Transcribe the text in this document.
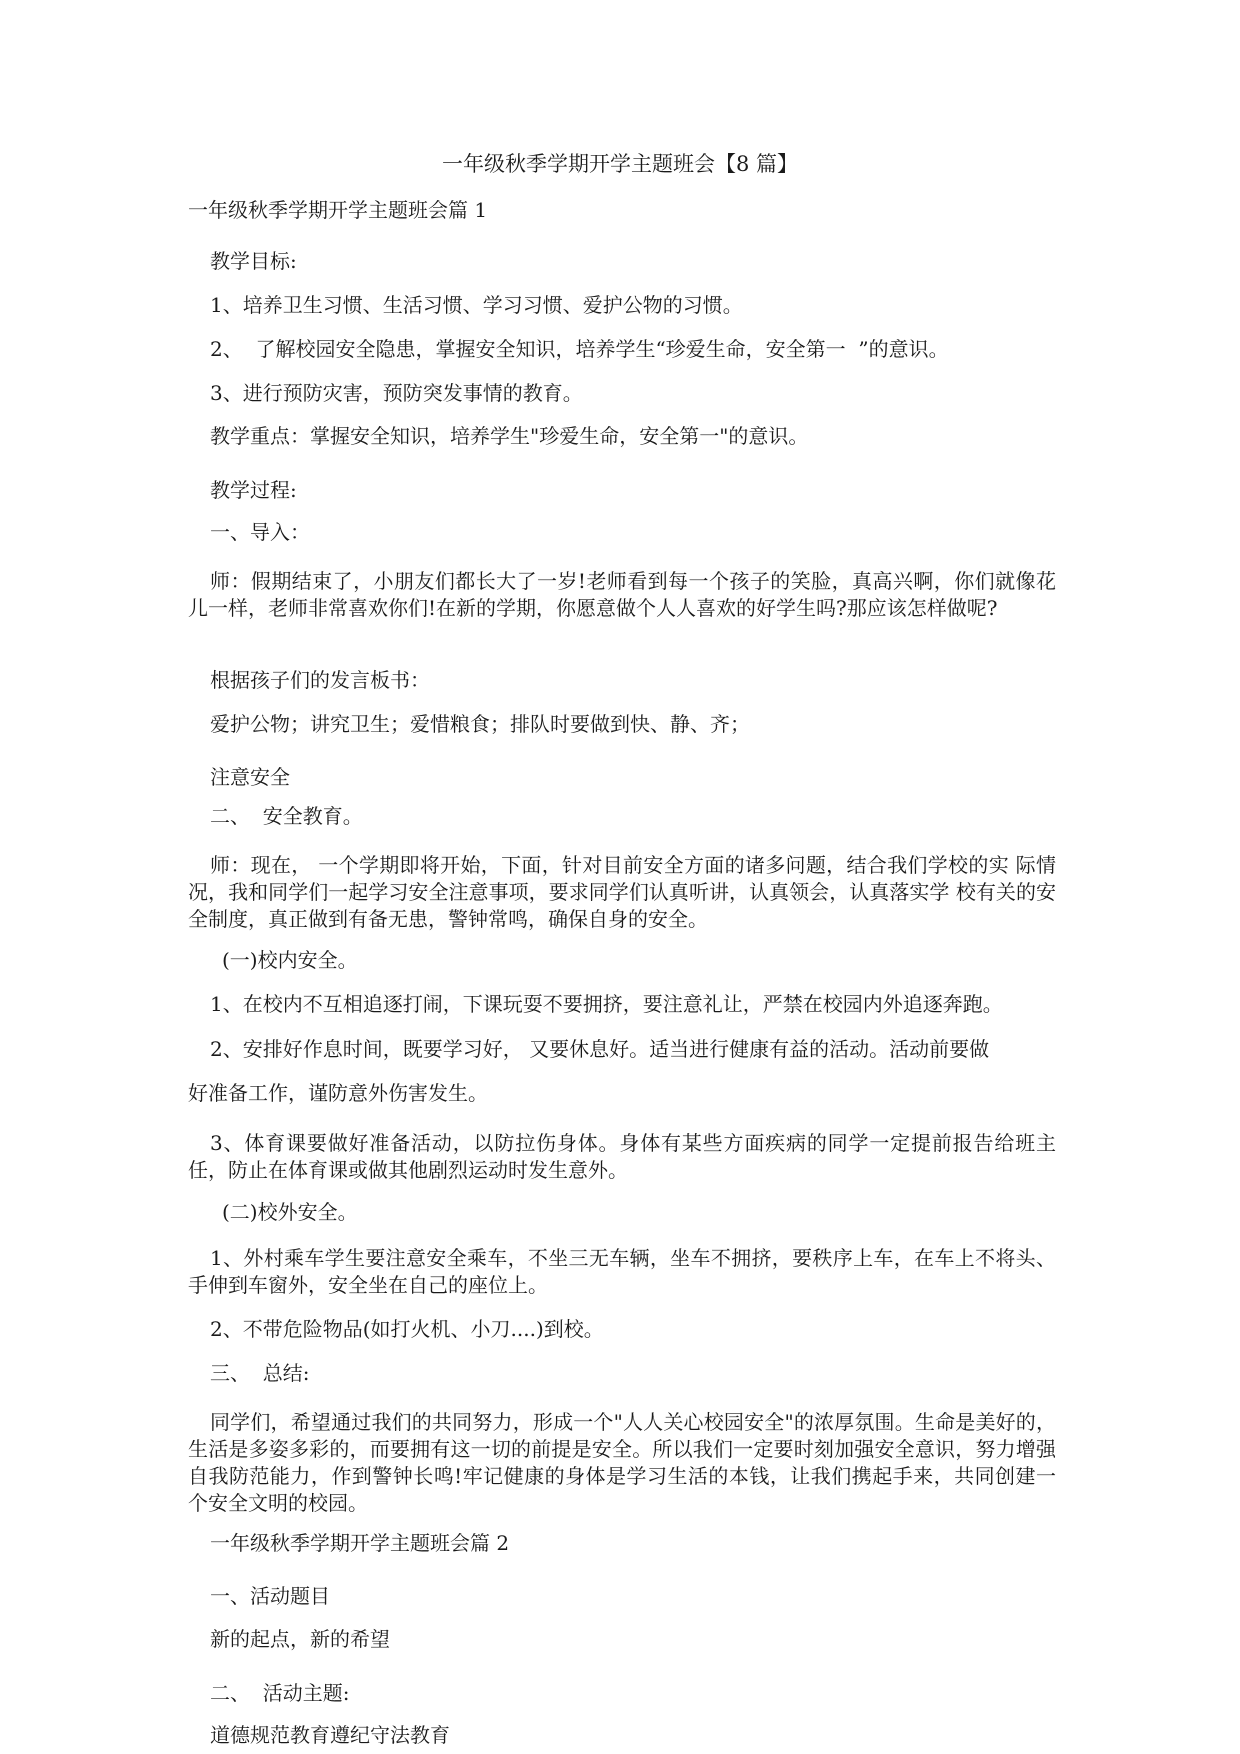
一年级秋季学期开学主题班会【8 篇】
一年级秋季学期开学主题班会篇 1
教学目标:
1、培养卫生习惯、生活习惯、学习习惯、爱护公物的习惯。
2、  了解校园安全隐患，掌握安全知识，培养学生“珍爱生命，安全第一  ”的意识。
3、进行预防灾害，预防突发事情的教育。
教学重点：掌握安全知识，培养学生"珍爱生命，安全第一"的意识。
教学过程:
一、导入：
师：假期结束了，小朋友们都长大了一岁!老师看到每一个孩子的笑脸，真高兴啊，你们就像花儿一样，老师非常喜欢你们!在新的学期，你愿意做个人人喜欢的好学生吗?那应该怎样做呢?
根据孩子们的发言板书：
爱护公物；讲究卫生；爱惜粮食；排队时要做到快、静、齐；
注意安全
二、  安全教育。
师：现在， 一个学期即将开始，下面，针对目前安全方面的诸多问题，结合我们学校的实 际情况，我和同学们一起学习安全注意事项，要求同学们认真听讲，认真领会，认真落实学 校有关的安全制度，真正做到有备无患，警钟常鸣，确保自身的安全。
(一)校内安全。
1、在校内不互相追逐打闹，下课玩耍不要拥挤，要注意礼让，严禁在校园内外追逐奔跑。
2、安排好作息时间，既要学习好， 又要休息好。适当进行健康有益的活动。活动前要做
好准备工作，谨防意外伤害发生。
3、体育课要做好准备活动，以防拉伤身体。身体有某些方面疾病的同学一定提前报告给班主任，防止在体育课或做其他剧烈运动时发生意外。
(二)校外安全。
1、外村乘车学生要注意安全乘车，不坐三无车辆，坐车不拥挤，要秩序上车，在车上不将头、手伸到车窗外，安全坐在自己的座位上。
2、不带危险物品(如打火机、小刀....)到校。
三、  总结:
同学们，希望通过我们的共同努力，形成一个"人人关心校园安全"的浓厚氛围。生命是美好的，生活是多姿多彩的，而要拥有这一切的前提是安全。所以我们一定要时刻加强安全意识，努力增强自我防范能力，作到警钟长鸣!牢记健康的身体是学习生活的本钱，让我们携起手来，共同创建一个安全文明的校园。
一年级秋季学期开学主题班会篇 2
一、活动题目
新的起点，新的希望
二、  活动主题:
道德规范教育遵纪守法教育
